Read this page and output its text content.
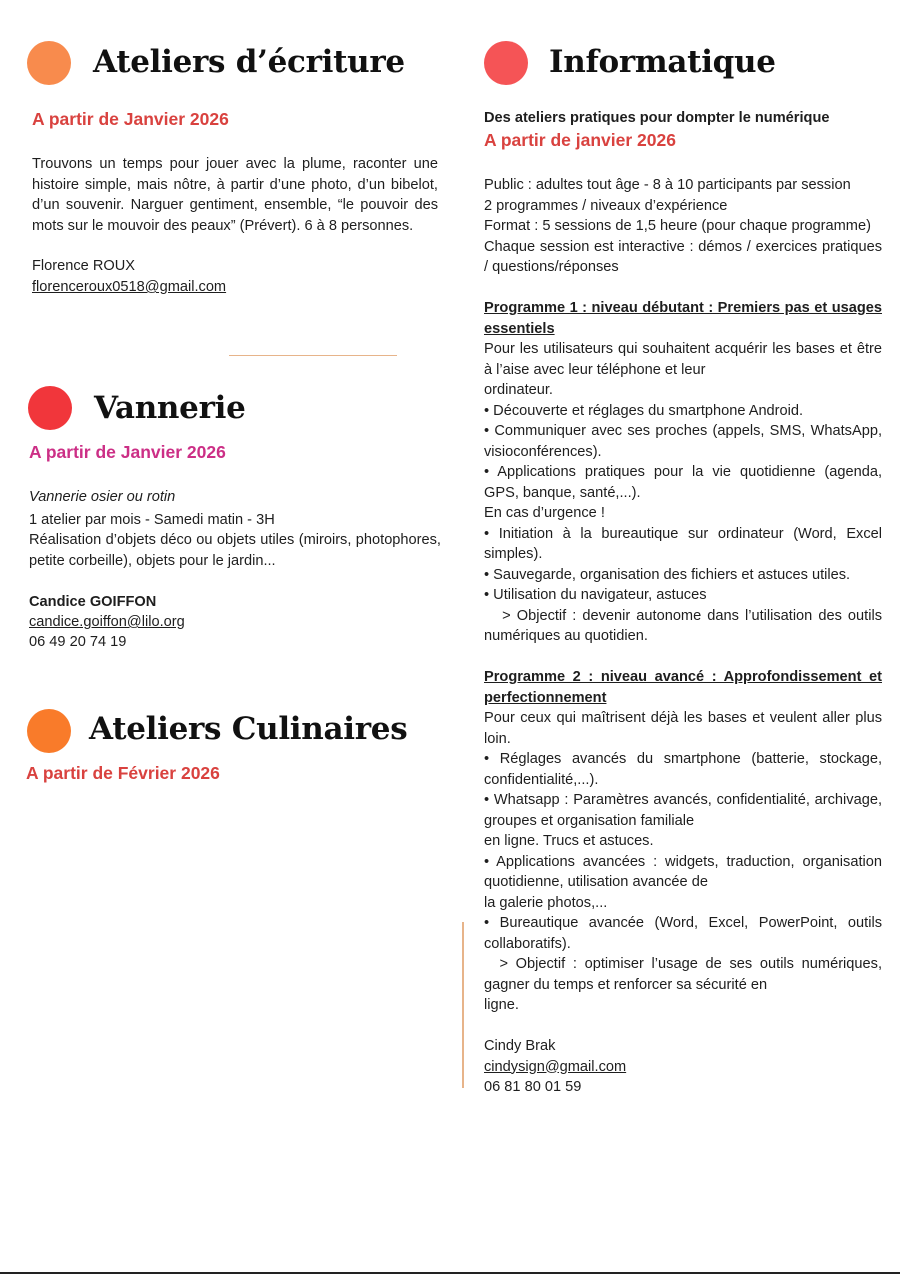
Ateliers d’écriture
A partir de Janvier 2026
Trouvons un temps pour jouer avec la plume, raconter une histoire simple, mais nôtre, à partir d’une photo, d’un bibelot, d’un souvenir. Narguer gentiment, ensemble, “le pouvoir des mots sur le mouvoir des peaux” (Prévert). 6 à 8 personnes.
Florence ROUX
florenceroux0518@gmail.com
Vannerie
A partir de Janvier 2026
Vannerie osier ou rotin
1 atelier par mois - Samedi matin - 3H
Réalisation d’objets déco ou objets utiles (miroirs, photophores, petite corbeille), objets pour le jardin...
Candice GOIFFON
candice.goiffon@lilo.org
06 49 20 74 19
Ateliers Culinaires
A partir de Février 2026
Informatique
Des ateliers pratiques pour dompter le numérique
A partir de janvier 2026
Public : adultes tout âge - 8 à 10 participants par session
2 programmes / niveaux d’expérience
Format : 5 sessions de 1,5 heure (pour chaque programme)
Chaque session est interactive : démos / exercices pratiques / questions/réponses
Programme 1 : niveau débutant : Premiers pas et usages essentiels
Pour les utilisateurs qui souhaitent acquérir les bases et être à l’aise avec leur téléphone et leur
ordinateur.
• Découverte et réglages du smartphone Android.
• Communiquer avec ses proches (appels, SMS, WhatsApp, visioconférences).
• Applications pratiques pour la vie quotidienne (agenda, GPS, banque, santé,...).
En cas d’urgence !
• Initiation à la bureautique sur ordinateur (Word, Excel simples).
• Sauvegarde, organisation des fichiers et astuces utiles.
• Utilisation du navigateur, astuces
> Objectif : devenir autonome dans l’utilisation des outils numériques au quotidien.
Programme 2 : niveau avancé : Approfondissement et perfectionnement
Pour ceux qui maîtrisent déjà les bases et veulent aller plus loin.
• Réglages avancés du smartphone (batterie, stockage, confidentialité,...).
• Whatsapp : Paramètres avancés, confidentialité, archivage, groupes et organisation familiale
en ligne. Trucs et astuces.
• Applications avancées : widgets, traduction, organisation quotidienne, utilisation avancée de
la galerie photos,...
• Bureautique avancée (Word, Excel, PowerPoint, outils collaboratifs).
> Objectif : optimiser l’usage de ses outils numériques, gagner du temps et renforcer sa sécurité en
ligne.
Cindy Brak
cindysign@gmail.com
06 81 80 01 59
